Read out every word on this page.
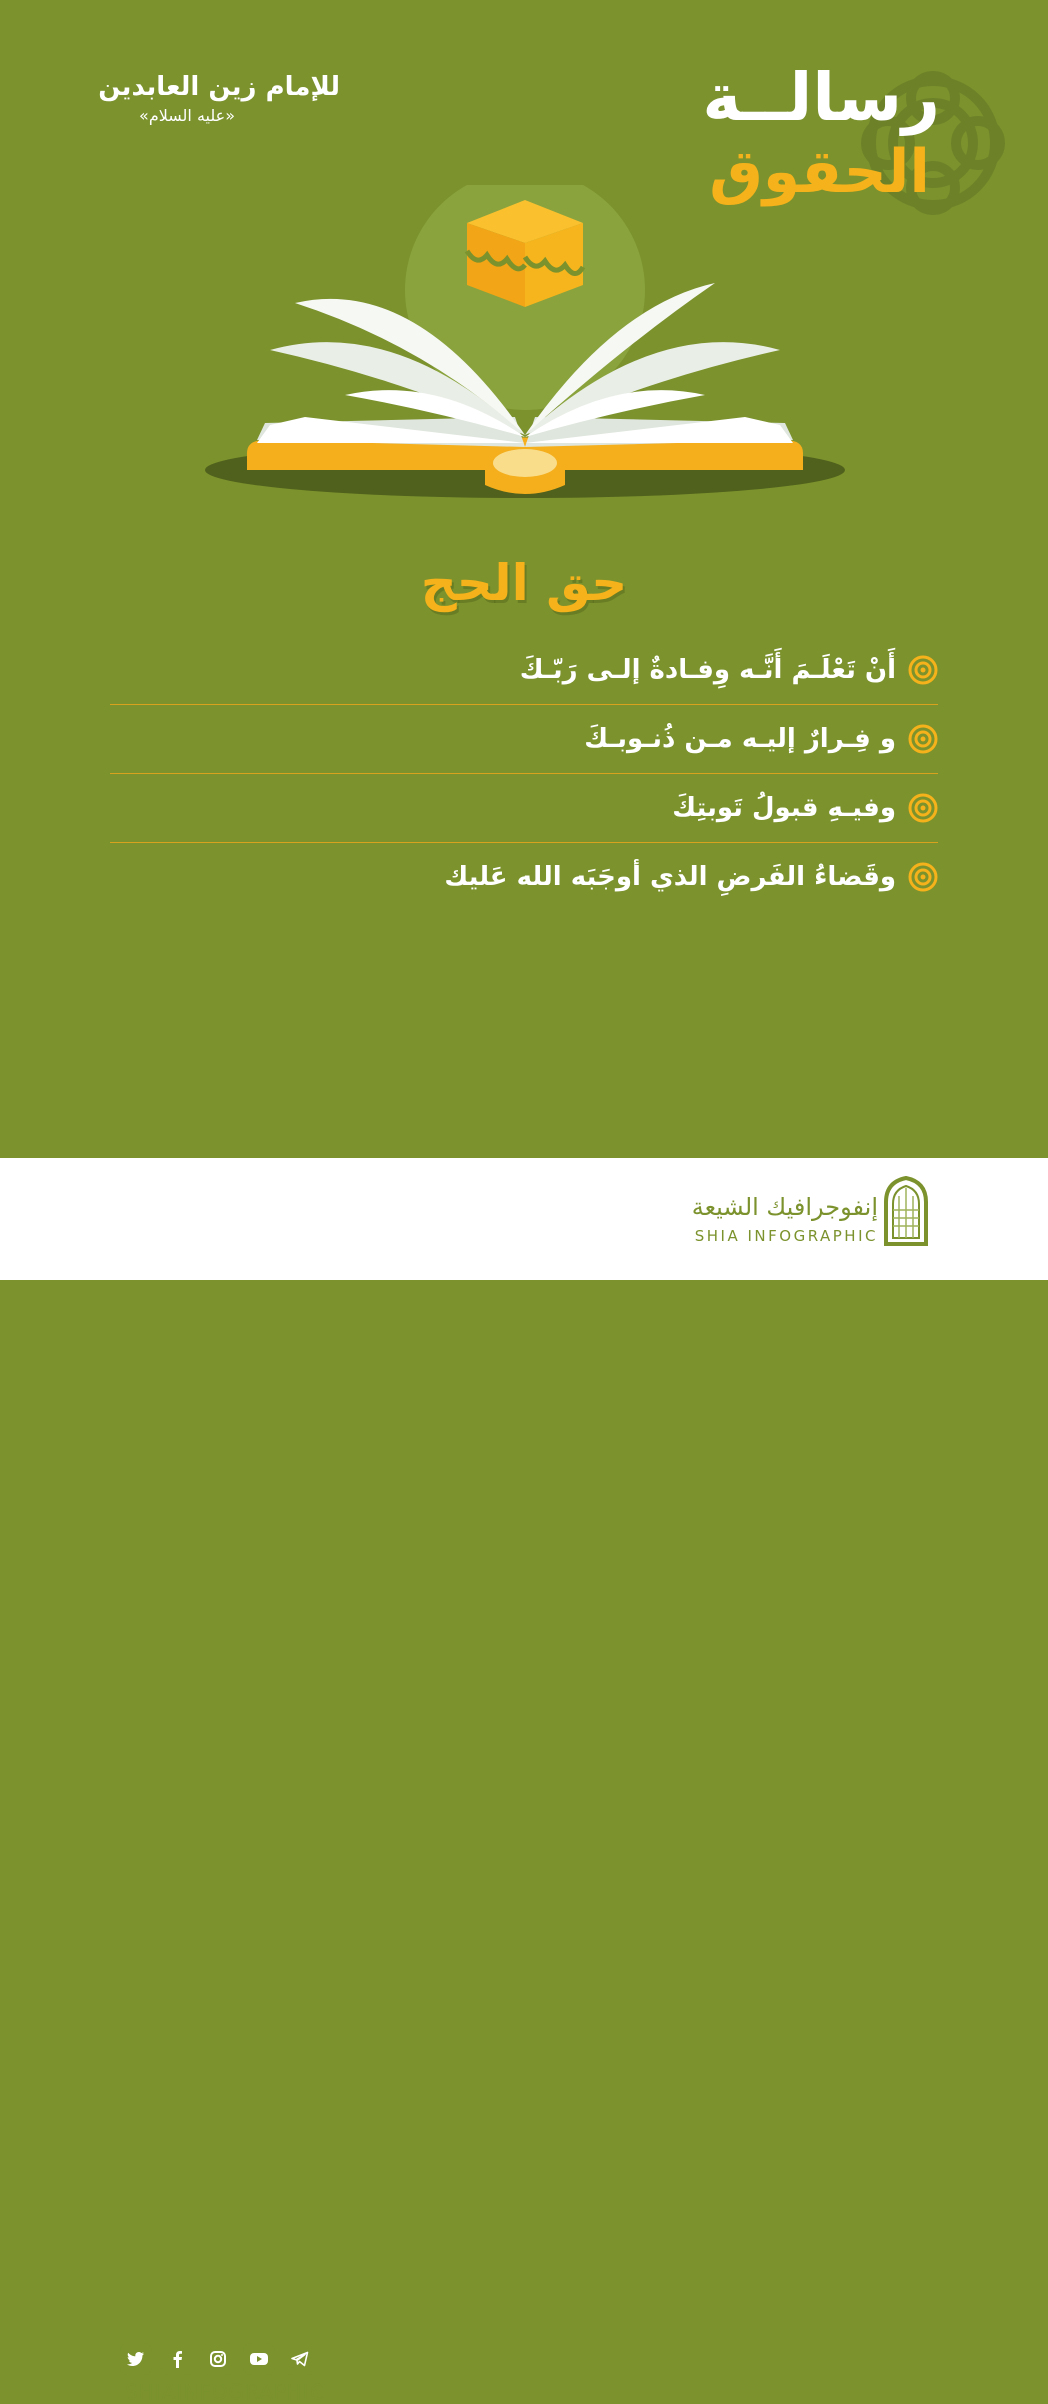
للإمام زين العابدين
«عليه السلام»	رسالــة
الحقوق
حق الحج
أَنْ تَعْلَـمَ أَنَّـه وِفـادةٌ إلـى رَبّـكَ
و فِـرارٌ إليـه مـن ذُنـوبـكَ
وفيـهِ قبولُ تَوبتِكَ
وقَضاءُ الفَرضِ الذي أوجَبَه الله عَليك
SHIAINFOGRAPHIC
إنفوجرافيك الشيعة
SHIA INFOGRAPHIC
